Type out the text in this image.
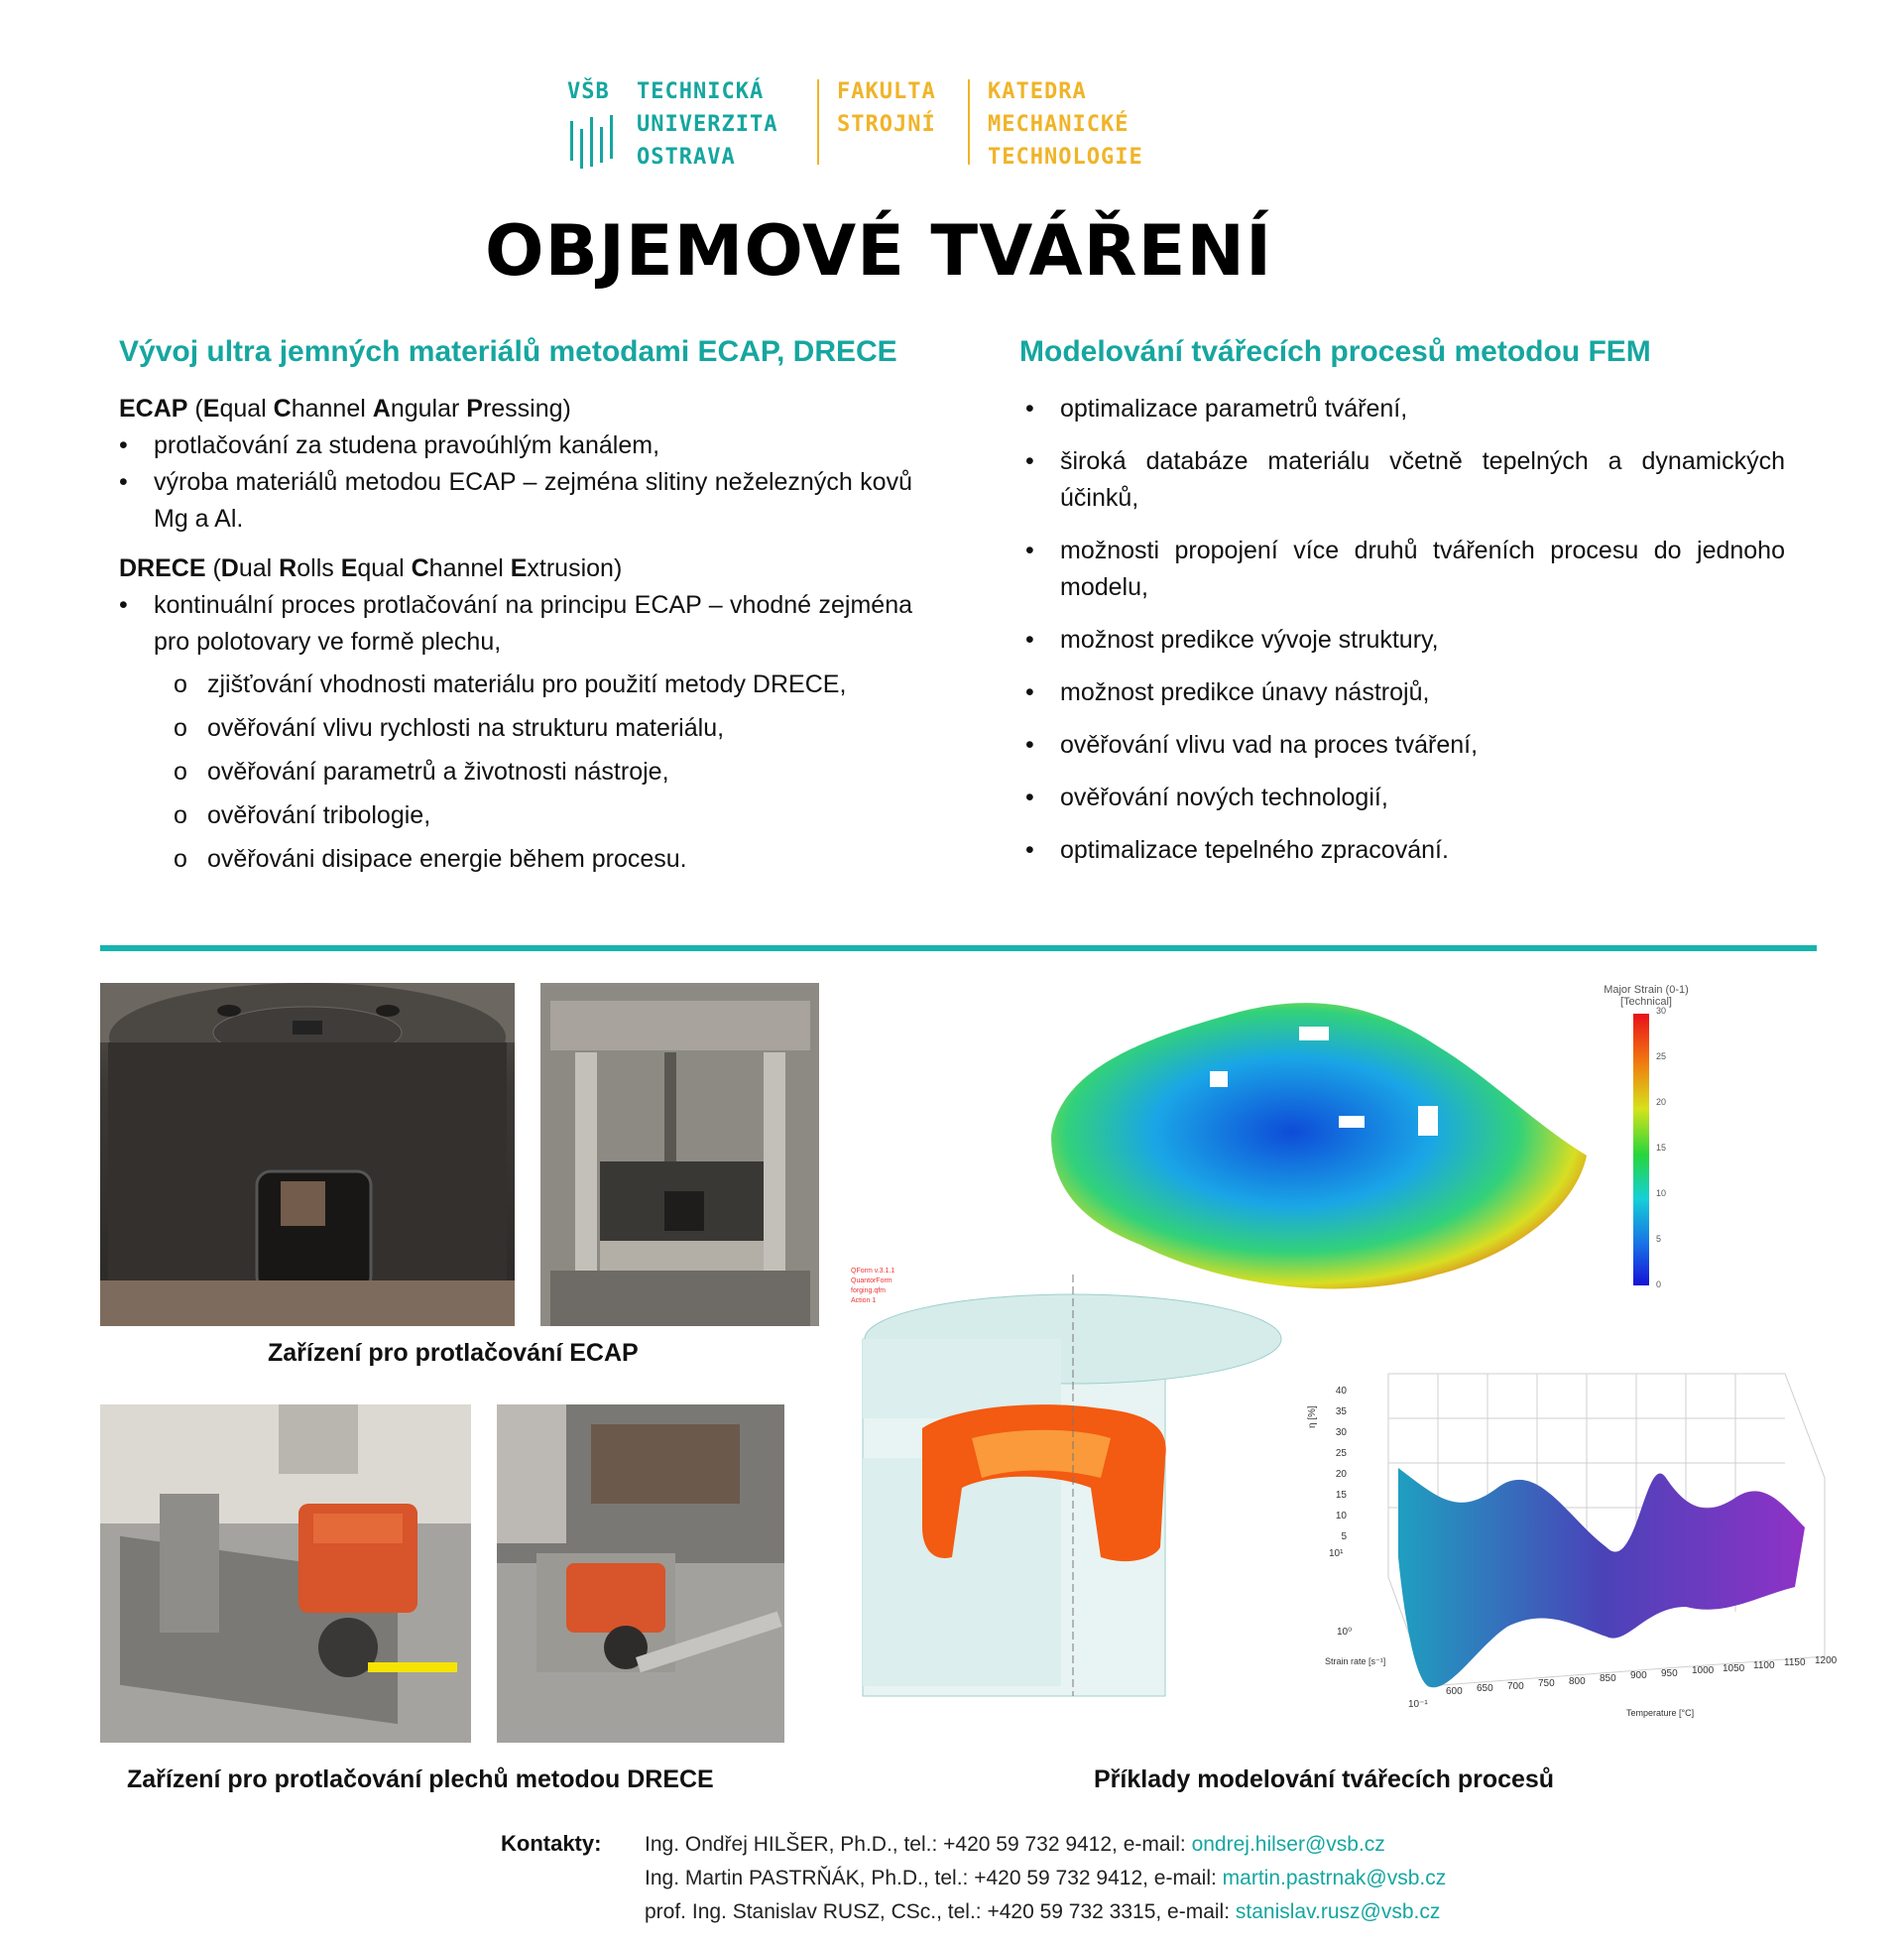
VŠB TECHNICKÁ
UNIVERZITA
OSTRAVA
FAKULTA
STROJNÍ
KATEDRA
MECHANICKÉ
TECHNOLOGIE
OBJEMOVÉ TVÁŘENÍ
Vývoj ultra jemných materiálů metodami ECAP, DRECE
ECAP (Equal Channel Angular Pressing)
• protlačování za studena pravoúhlým kanálem,
• výroba materiálů metodou ECAP – zejména slitiny neželezných kovů Mg a Al.
DRECE (Dual Rolls Equal Channel Extrusion)
• kontinuální proces protlačování na principu ECAP – vhodné zejména pro polotovary ve formě plechu,
o zjišťování vhodnosti materiálu pro použití metody DRECE,
o ověřování vlivu rychlosti na strukturu materiálu,
o ověřování parametrů a životnosti nástroje,
o ověřování tribologie,
o ověřováni disipace energie během procesu.
Modelování tvářecích procesů metodou FEM
• optimalizace parametrů tváření,
• široká databáze materiálu včetně tepelných a dynamických účinků,
• možnosti propojení více druhů tvářeních procesu do jednoho modelu,
• možnost predikce vývoje struktury,
• možnost predikce únavy nástrojů,
• ověřování vlivu vad na proces tváření,
• ověřování nových technologií,
• optimalizace tepelného zpracování.
Zařízení pro protlačování ECAP
Zařízení pro protlačování plechů metodou DRECE
Major Strain (0-1)
[Technical]
30
25
20
15
10
5
0
QForm v.3.1.1
QuantorForm
forging.qfm
Action 1
40
35
30
25
20
15
10
5
η [%]
10¹
10⁰
Strain rate [s⁻¹]
10⁻¹
600 650 700 750 800 850 900 950 1000 1050 1100 1150 1200
Temperature [°C]
Příklady modelování tvářecích procesů
Kontakty: Ing. Ondřej HILŠER, Ph.D., tel.: +420 59 732 9412, e-mail: ondrej.hilser@vsb.cz
Ing. Martin PASTRŇÁK, Ph.D., tel.: +420 59 732 9412, e-mail: martin.pastrnak@vsb.cz
prof. Ing. Stanislav RUSZ, CSc., tel.: +420 59 732 3315, e-mail: stanislav.rusz@vsb.cz
